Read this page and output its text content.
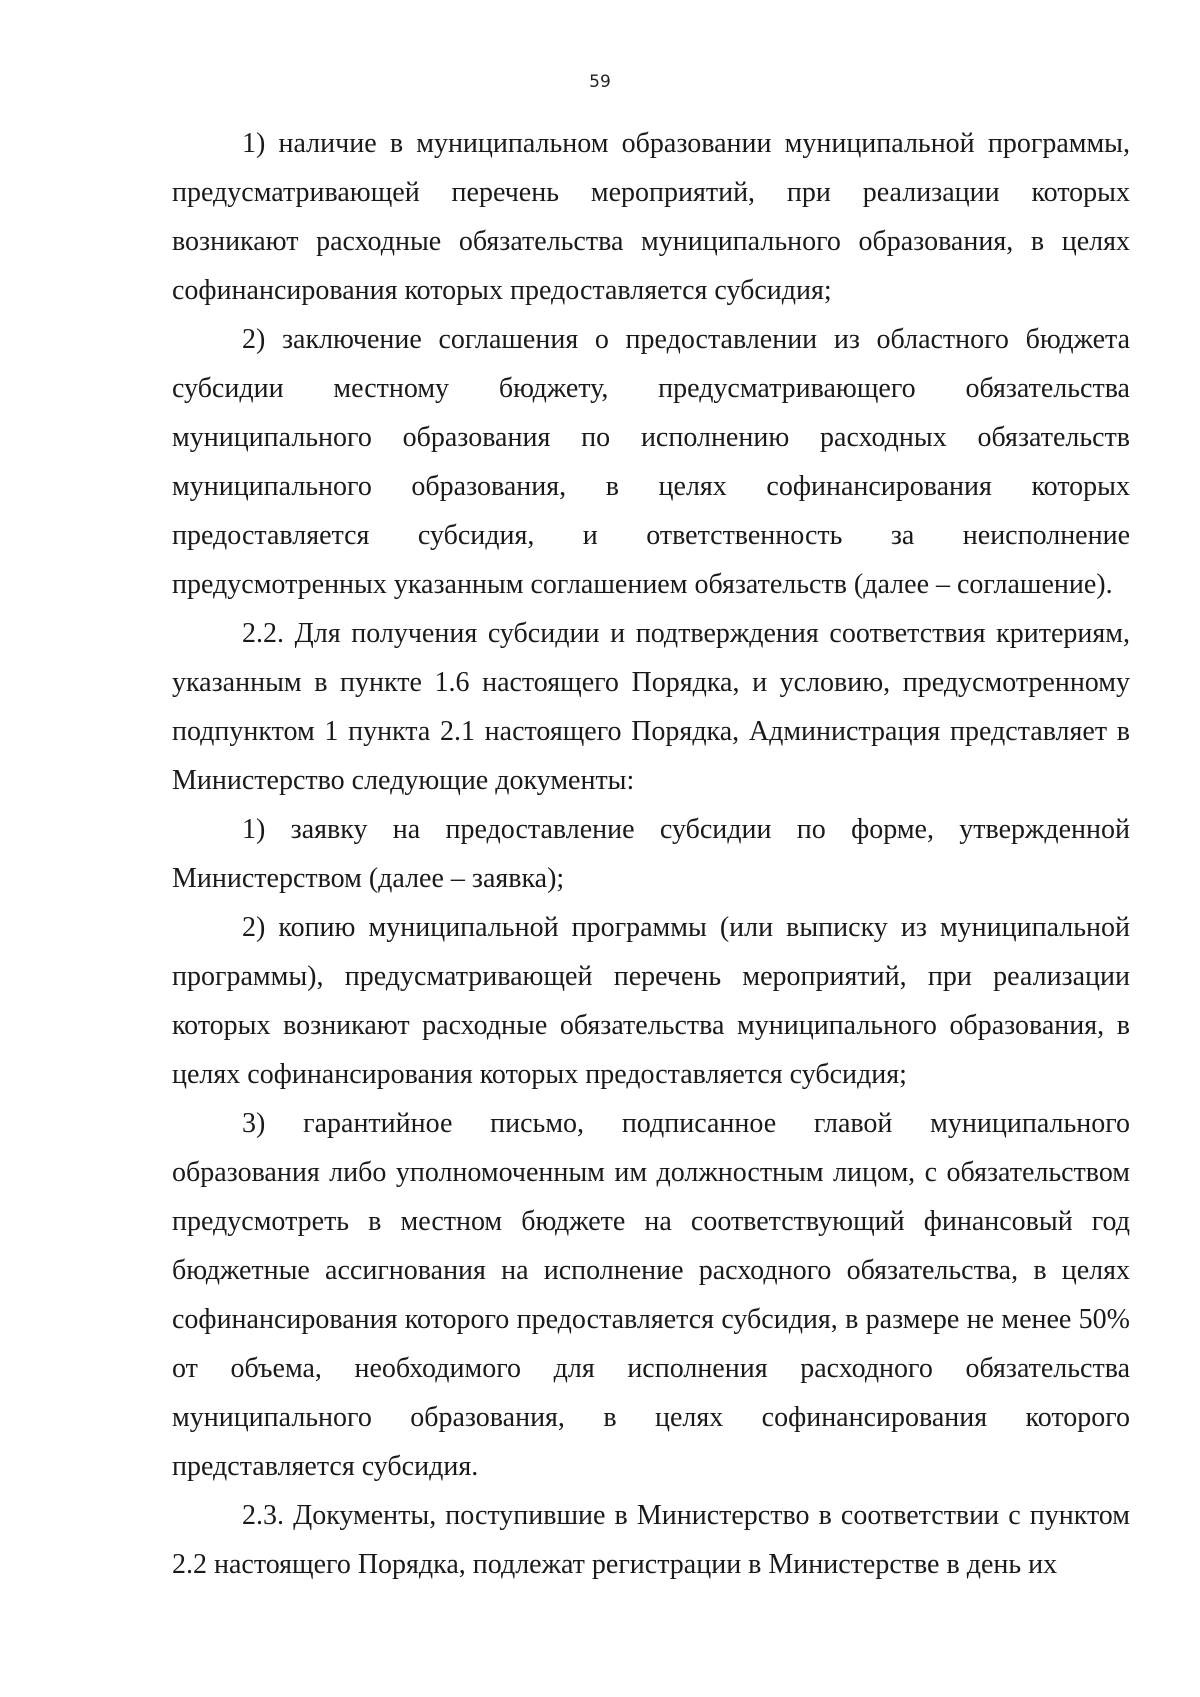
59

1) наличие в муниципальном образовании муниципальной программы, предусматривающей перечень мероприятий, при реализации которых возникают расходные обязательства муниципального образования, в целях софинансирования которых предоставляется субсидия;

2) заключение соглашения о предоставлении из областного бюджета субсидии местному бюджету, предусматривающего обязательства муниципального образования по исполнению расходных обязательств муниципального образования, в целях софинансирования которых предоставляется субсидия, и ответственность за неисполнение предусмотренных указанным соглашением обязательств (далее – соглашение).

2.2. Для получения субсидии и подтверждения соответствия критериям, указанным в пункте 1.6 настоящего Порядка, и условию, предусмотренному подпунктом 1 пункта 2.1 настоящего Порядка, Администрация представляет в Министерство следующие документы:

1) заявку на предоставление субсидии по форме, утвержденной Министерством (далее – заявка);

2) копию муниципальной программы (или выписку из муниципальной программы), предусматривающей перечень мероприятий, при реализации которых возникают расходные обязательства муниципального образования, в целях софинансирования которых предоставляется субсидия;

3) гарантийное письмо, подписанное главой муниципального образования либо уполномоченным им должностным лицом, с обязательством предусмотреть в местном бюджете на соответствующий финансовый год бюджетные ассигнования на исполнение расходного обязательства, в целях софинансирования которого предоставляется субсидия, в размере не менее 50% от объема, необходимого для исполнения расходного обязательства муниципального образования, в целях софинансирования которого представляется субсидия.

2.3. Документы, поступившие в Министерство в соответствии с пунктом 2.2 настоящего Порядка, подлежат регистрации в Министерстве в день их
